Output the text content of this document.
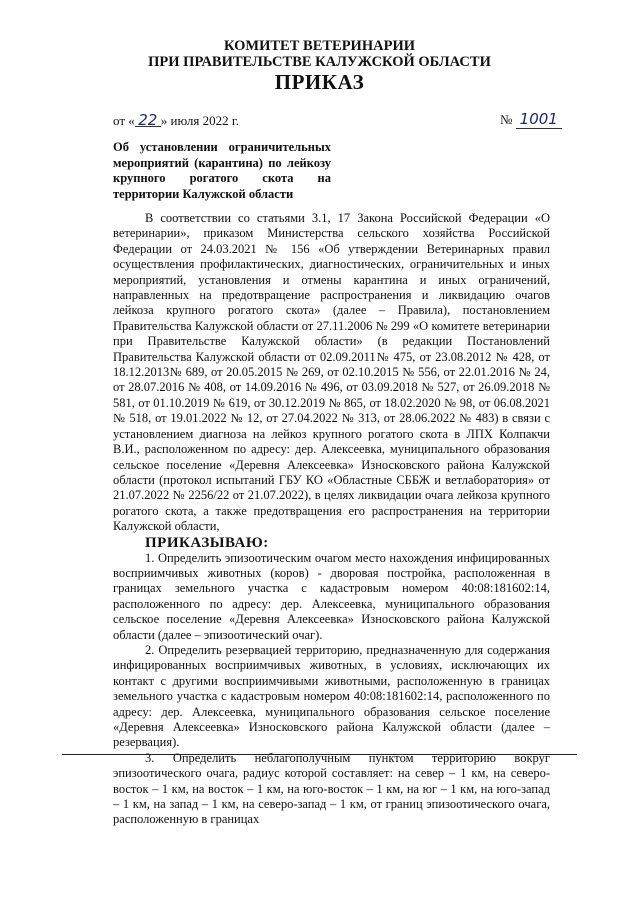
КОМИТЕТ ВЕТЕРИНАРИИ
ПРИ ПРАВИТЕЛЬСТВЕ КАЛУЖСКОЙ ОБЛАСТИ
ПРИКАЗ
от « 22 » июля 2022 г.	№ 1001
Об установлении ограничительных мероприятий (карантина) по лейкозу крупного рогатого скота на территории Калужской области

В соответствии со статьями 3.1, 17 Закона Российской Федерации «О ветеринарии», приказом Министерства сельского хозяйства Российской Федерации от 24.03.2021 № 156 «Об утверждении Ветеринарных правил осуществления профилактических, диагностических, ограничительных и иных мероприятий, установления и отмены карантина и иных ограничений, направленных на предотвращение распространения и ликвидацию очагов лейкоза крупного рогатого скота» (далее – Правила), постановлением Правительства Калужской области от 27.11.2006 № 299 «О комитете ветеринарии при Правительстве Калужской области» (в редакции Постановлений Правительства Калужской области от 02.09.2011№ 475, от 23.08.2012 № 428, от 18.12.2013№ 689, от 20.05.2015 № 269, от 02.10.2015 № 556, от 22.01.2016 № 24, от 28.07.2016 № 408, от 14.09.2016 № 496, от 03.09.2018 № 527, от 26.09.2018 № 581, от 01.10.2019 № 619, от 30.12.2019 № 865, от 18.02.2020 № 98, от 06.08.2021 № 518, от 19.01.2022 № 12, от 27.04.2022 № 313, от 28.06.2022 № 483) в связи с установлением диагноза на лейкоз крупного рогатого скота в ЛПХ Колпакчи В.И., расположенном по адресу: дер. Алексеевка, муниципального образования сельское поселение «Деревня Алексеевка» Износковского района Калужской области (протокол испытаний ГБУ КО «Областные СББЖ и ветлаборатория» от 21.07.2022 № 2256/22 от 21.07.2022), в целях ликвидации очага лейкоза крупного рогатого скота, а также предотвращения его распространения на территории Калужской области,

ПРИКАЗЫВАЮ:

1. Определить эпизоотическим очагом место нахождения инфицированных восприимчивых животных (коров) - дворовая постройка, расположенная в границах земельного участка с кадастровым номером 40:08:181602:14, расположенного по адресу: дер. Алексеевка, муниципального образования сельское поселение «Деревня Алексеевка» Износковского района Калужской области (далее – эпизоотический очаг).

2. Определить резервацией территорию, предназначенную для содержания инфицированных восприимчивых животных, в условиях, исключающих их контакт с другими восприимчивыми животными, расположенную в границах земельного участка с кадастровым номером 40:08:181602:14, расположенного по адресу: дер. Алексеевка, муниципального образования сельское поселение «Деревня Алексеевка» Износковского района Калужской области (далее – резервация).

3. Определить неблагополучным пунктом территорию вокруг эпизоотического очага, радиус которой составляет: на север – 1 км, на северо-восток – 1 км, на восток – 1 км, на юго-восток – 1 км, на юг – 1 км, на юго-запад – 1 км, на запад – 1 км, на северо-запад – 1 км, от границ эпизоотического очага, расположенную в границах
